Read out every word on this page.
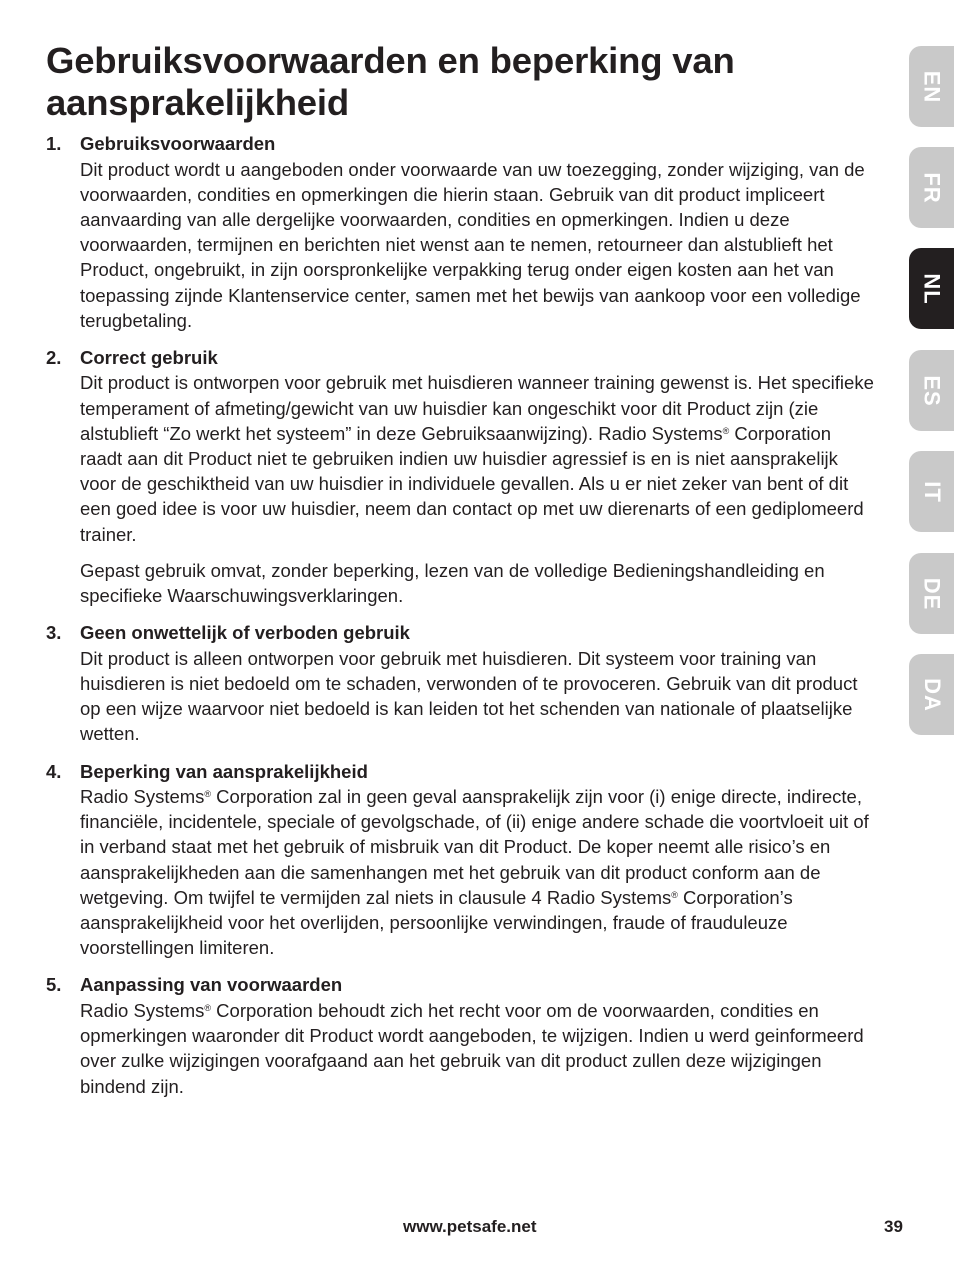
Gebruiksvoorwaarden en beperking van aansprakelijkheid
1.	Gebruiksvoorwaarden

Dit product wordt u aangeboden onder voorwaarde van uw toezegging, zonder wijziging, van de voorwaarden, condities en opmerkingen die hierin staan. Gebruik van dit product impliceert aanvaarding van alle dergelijke voorwaarden, condities en opmerkingen. Indien u deze voorwaarden, termijnen en berichten niet wenst aan te nemen, retourneer dan alstublieft het Product, ongebruikt, in zijn oorspronkelijke verpakking terug onder eigen kosten aan het van toepassing zijnde Klantenservice center, samen met het bewijs van aankoop voor een volledige terugbetaling.

2.	Correct gebruik

Dit product is ontworpen voor gebruik met huisdieren wanneer training gewenst is. Het specifieke temperament of afmeting/gewicht van uw huisdier kan ongeschikt voor dit Product zijn (zie alstublieft “Zo werkt het systeem” in deze Gebruiksaanwijzing). Radio Systems® Corporation raadt aan dit Product niet te gebruiken indien uw huisdier agressief is en is niet aansprakelijk voor de geschiktheid van uw huisdier in individuele gevallen. Als u er niet zeker van bent of dit een goed idee is voor uw huisdier, neem dan contact op met uw dierenarts of een gediplomeerd trainer.

Gepast gebruik omvat, zonder beperking, lezen van de volledige Bedieningshandleiding en specifieke Waarschuwingsverklaringen.

3.	Geen onwettelijk of verboden gebruik

Dit product is alleen ontworpen voor gebruik met huisdieren. Dit systeem voor training van huisdieren is niet bedoeld om te schaden, verwonden of te provoceren. Gebruik van dit product op een wijze waarvoor niet bedoeld is kan leiden tot het schenden van nationale of plaatselijke wetten.

4.	Beperking van aansprakelijkheid

Radio Systems® Corporation zal in geen geval aansprakelijk zijn voor (i) enige directe, indirecte, financiële, incidentele, speciale of gevolgschade, of (ii) enige andere schade die voortvloeit uit of in verband staat met het gebruik of misbruik van dit Product. De koper neemt alle risico’s en aansprakelijkheden aan die samenhangen met het gebruik van dit product conform aan de wetgeving. Om twijfel te vermijden zal niets in clausule 4 Radio Systems® Corporation’s aansprakelijkheid voor het overlijden, persoonlijke verwindingen, fraude of frauduleuze voorstellingen limiteren.

5.	Aanpassing van voorwaarden

Radio Systems® Corporation behoudt zich het recht voor om de voorwaarden, condities en opmerkingen waaronder dit Product wordt aangeboden, te wijzigen. Indien u werd geinformeerd over zulke wijzigingen voorafgaand aan het gebruik van dit product zullen deze wijzigingen bindend zijn.

EN
FR
NL
ES
IT
DE
DA
www.petsafe.net	39
